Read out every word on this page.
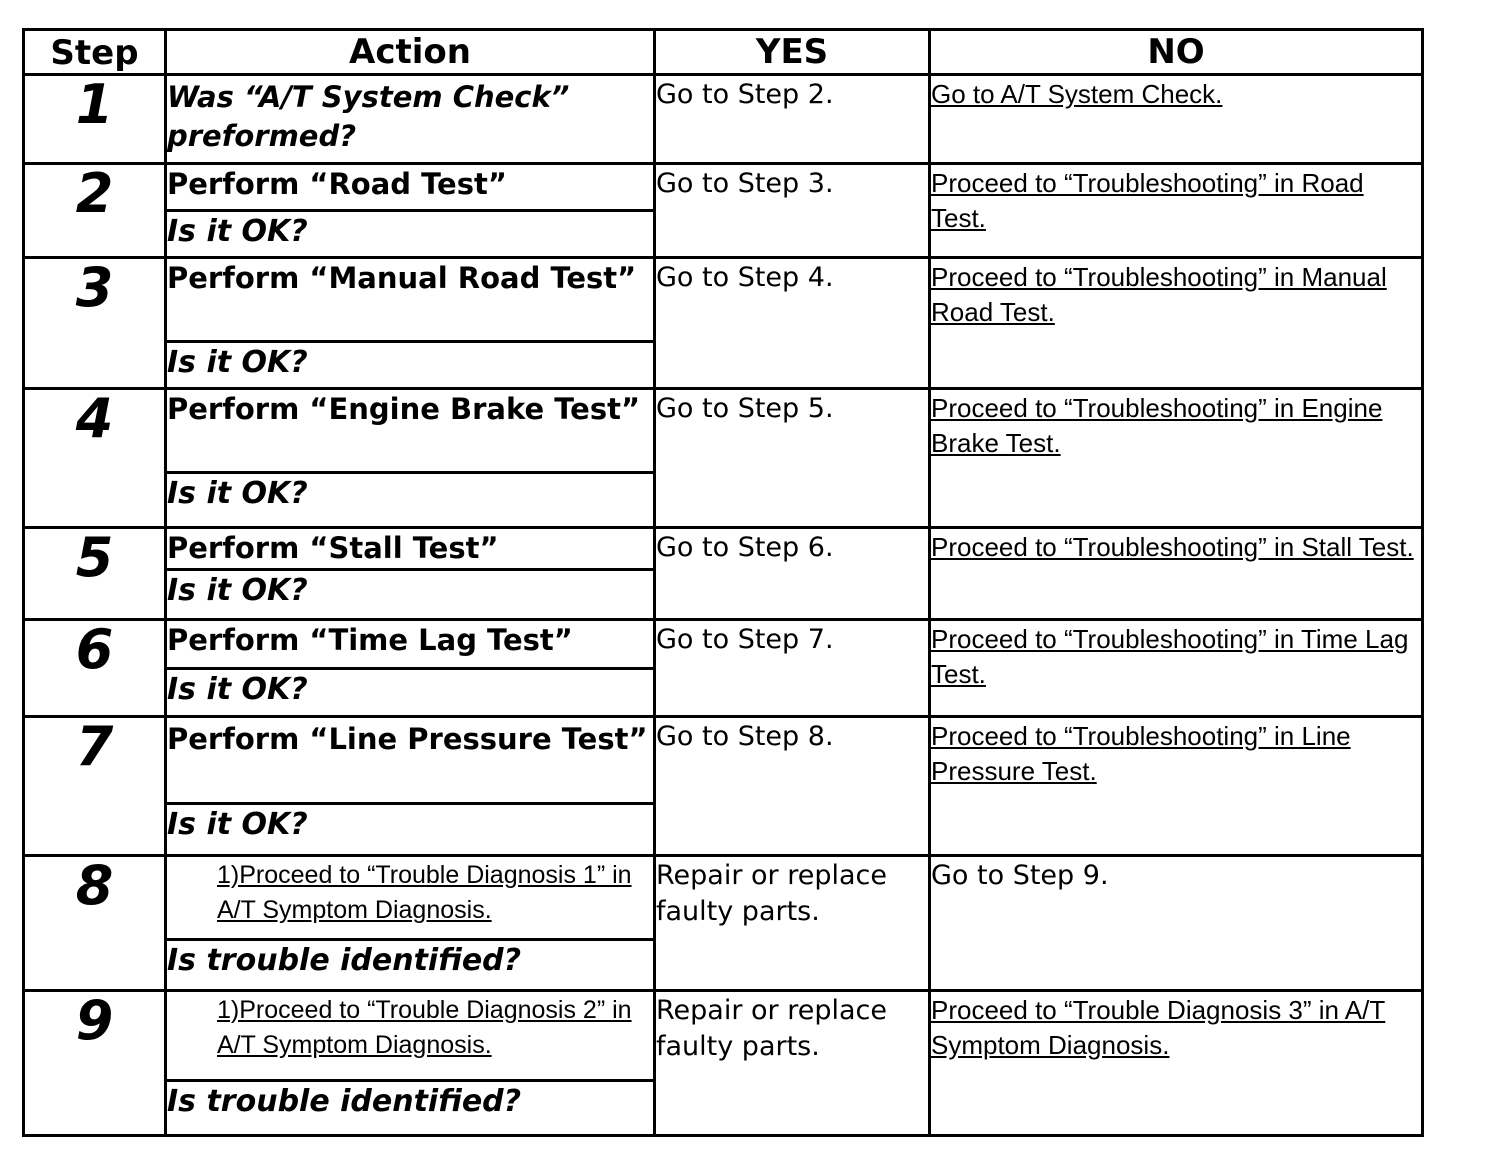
Step	Action	YES	NO
1	Was “A/T System Check” preformed?	Go to Step 2.	Go to A/T System Check.

2	Perform “Road Test”	Go to Step 3.	Proceed to “Troubleshooting” in Road Test.

	Is it OK?		
3	Perform “Manual Road Test”	Go to Step 4.	Proceed to “Troubleshooting” in Manual Road Test.

	Is it OK?		
4	Perform “Engine Brake Test”	Go to Step 5.	Proceed to “Troubleshooting” in Engine Brake Test.

	Is it OK?		
5	Perform “Stall Test”	Go to Step 6.	Proceed to “Troubleshooting” in Stall Test.

	Is it OK?		
6	Perform “Time Lag Test”	Go to Step 7.	Proceed to “Troubleshooting” in Time Lag Test.

	Is it OK?		
7	Perform “Line Pressure Test”	Go to Step 8.	Proceed to “Troubleshooting” in Line Pressure Test.

	Is it OK?		
8	1)Proceed to “Trouble Diagnosis 1” in A/T Symptom Diagnosis.	Repair or replace faulty parts.	Go to Step 9.

	Is trouble identified?		
9	1)Proceed to “Trouble Diagnosis 2” in A/T Symptom Diagnosis.	Repair or replace faulty parts.	Proceed to “Trouble Diagnosis 3” in A/T Symptom Diagnosis.

	Is trouble identified?		
